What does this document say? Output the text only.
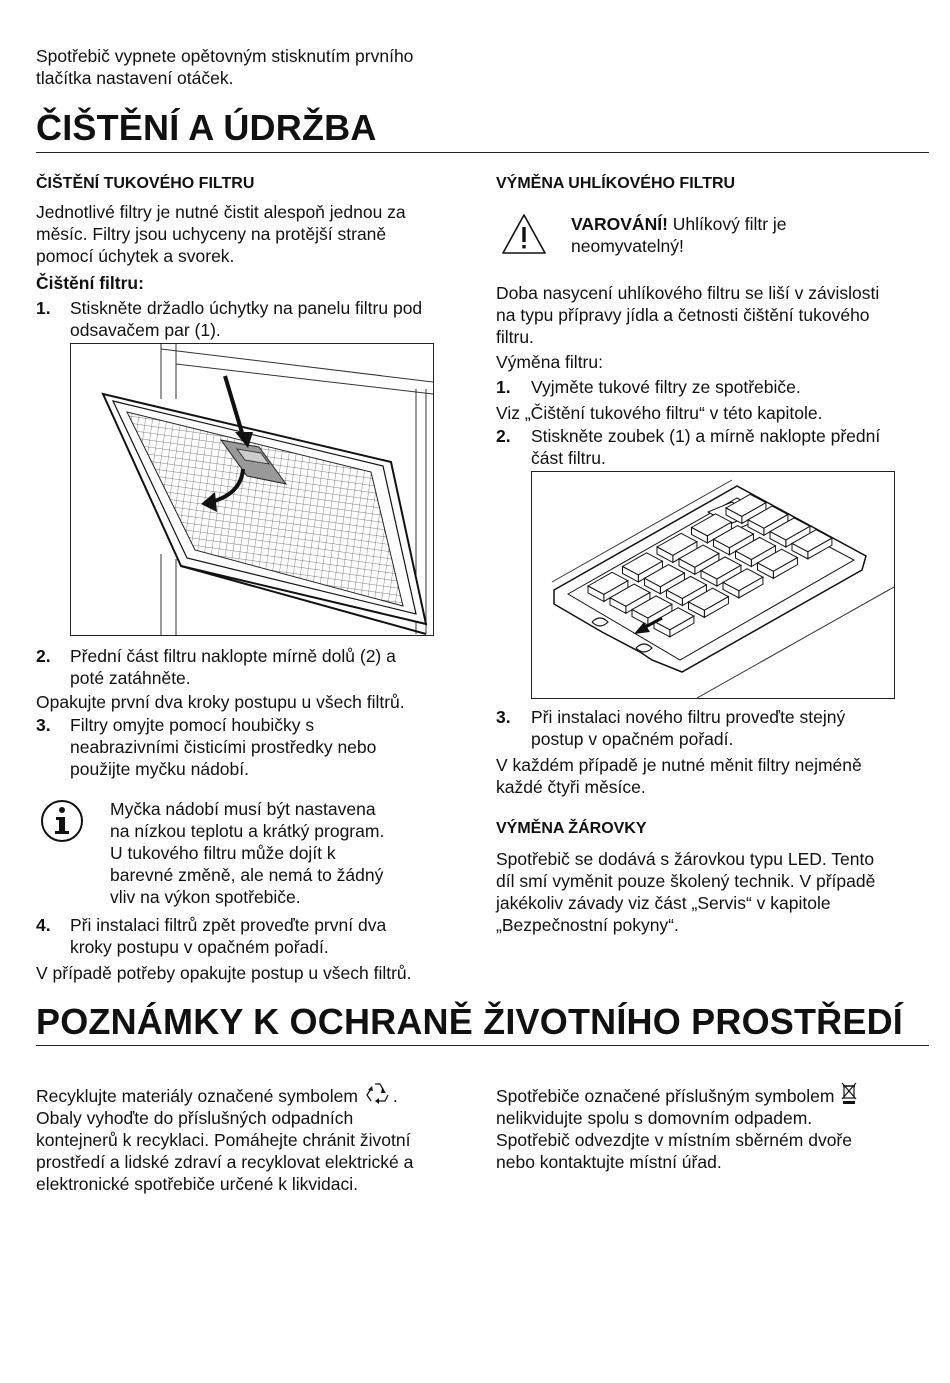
Spotřebič vypnete opětovným stisknutím prvního
tlačítka nastavení otáček.
ČIŠTĚNÍ A ÚDRŽBA
ČIŠTĚNÍ TUKOVÉHO FILTRU
Jednotlivé filtry je nutné čistit alespoň jednou za
měsíc. Filtry jsou uchyceny na protější straně
pomocí úchytek a svorek.
Čištění filtru:
1. Stiskněte držadlo úchytky na panelu filtru pod
odsavačem par (1).
2. Přední část filtru naklopte mírně dolů (2) a
poté zatáhněte.
Opakujte první dva kroky postupu u všech filtrů.
3. Filtry omyjte pomocí houbičky s
neabrazivními čisticími prostředky nebo
použijte myčku nádobí.
Myčka nádobí musí být nastavena
na nízkou teplotu a krátký program.
U tukového filtru může dojít k
barevné změně, ale nemá to žádný
vliv na výkon spotřebiče.
4. Při instalaci filtrů zpět proveďte první dva
kroky postupu v opačném pořadí.
V případě potřeby opakujte postup u všech filtrů.
VÝMĚNA UHLÍKOVÉHO FILTRU
VAROVÁNÍ! Uhlíkový filtr je
neomyvatelný!
Doba nasycení uhlíkového filtru se liší v závislosti
na typu přípravy jídla a četnosti čištění tukového
filtru.
Výměna filtru:
1. Vyjměte tukové filtry ze spotřebiče.
Viz „Čištění tukového filtru“ v této kapitole.
2. Stiskněte zoubek (1) a mírně naklopte přední
část filtru.
3. Při instalaci nového filtru proveďte stejný
postup v opačném pořadí.
V každém případě je nutné měnit filtry nejméně
každé čtyři měsíce.
VÝMĚNA ŽÁROVKY
Spotřebič se dodává s žárovkou typu LED. Tento
díl smí vyměnit pouze školený technik. V případě
jakékoliv závady viz část „Servis“ v kapitole
„Bezpečnostní pokyny“.
POZNÁMKY K OCHRANĚ ŽIVOTNÍHO PROSTŘEDÍ
Recyklujte materiály označené symbolem .
Obaly vyhoďte do příslušných odpadních
kontejnerů k recyklaci. Pomáhejte chránit životní
prostředí a lidské zdraví a recyklovat elektrické a
elektronické spotřebiče určené k likvidaci.
Spotřebiče označené příslušným symbolem
nelikvidujte spolu s domovním odpadem.
Spotřebič odvezdjte v místním sběrném dvoře
nebo kontaktujte místní úřad.
